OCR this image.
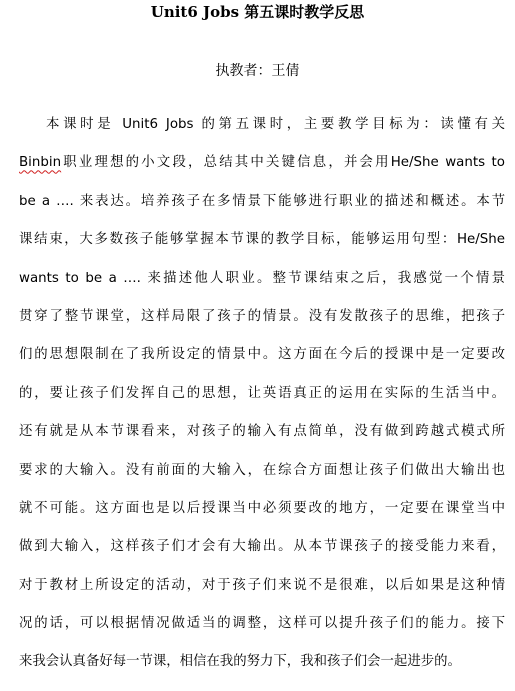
Unit6 Jobs 第五课时教学反思
执教者：王倩
本课时是 Unit6 Jobs 的第五课时，主要教学目标为：读懂有关
Binbin职业理想的小文段，总结其中关键信息，并会用He/She wants to
be a …. 来表达。培养孩子在多情景下能够进行职业的描述和概述。本节
课结束，大多数孩子能够掌握本节课的教学目标，能够运用句型：He/She
wants to be a …. 来描述他人职业。整节课结束之后，我感觉一个情景
贯穿了整节课堂，这样局限了孩子的情景。没有发散孩子的思维，把孩子
们的思想限制在了我所设定的情景中。这方面在今后的授课中是一定要改
的，要让孩子们发挥自己的思想，让英语真正的运用在实际的生活当中。
还有就是从本节课看来，对孩子的输入有点简单，没有做到跨越式模式所
要求的大输入。没有前面的大输入，在综合方面想让孩子们做出大输出也
就不可能。这方面也是以后授课当中必须要改的地方，一定要在课堂当中
做到大输入，这样孩子们才会有大输出。从本节课孩子的接受能力来看，
对于教材上所设定的活动，对于孩子们来说不是很难，以后如果是这种情
况的话，可以根据情况做适当的调整，这样可以提升孩子们的能力。接下
来我会认真备好每一节课，相信在我的努力下，我和孩子们会一起进步的。
